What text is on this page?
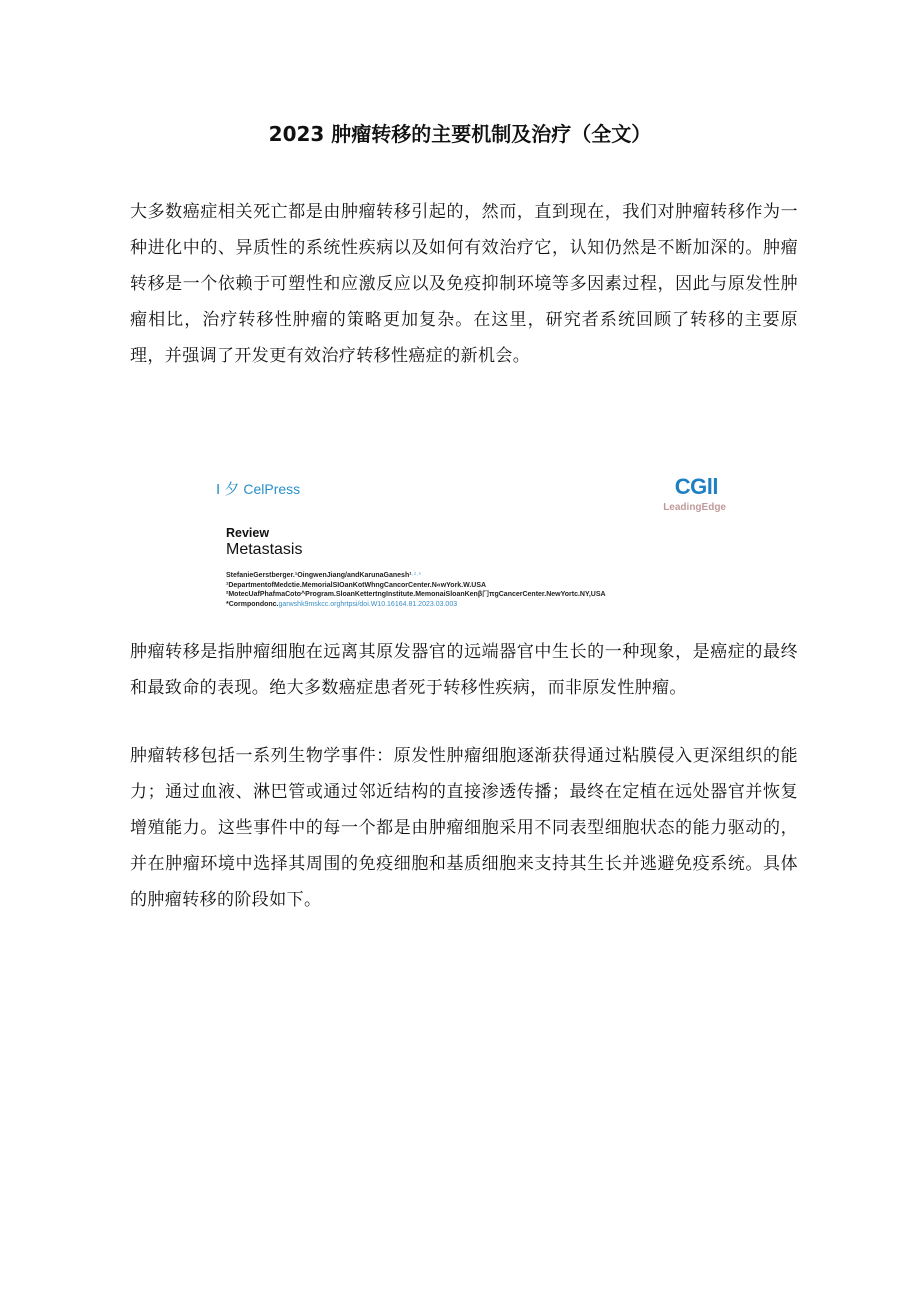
2023 肿瘤转移的主要机制及治疗（全文）

大多数癌症相关死亡都是由肿瘤转移引起的，然而，直到现在，我们对肿瘤转移作为一种进化中的、异质性的系统性疾病以及如何有效治疗它，认知仍然是不断加深的。肿瘤转移是一个依赖于可塑性和应激反应以及免疫抑制环境等多因素过程，因此与原发性肿瘤相比，治疗转移性肿瘤的策略更加复杂。在这里，研究者系统回顾了转移的主要原理，并强调了开发更有效治疗转移性癌症的新机会。

I 夕 CelPress	CGll
LeadingEdge
Review
Metastasis
StefanieGerstberger.¹OingwenJiang/andKarunaGanesh¹·²·*
¹DepartmentofMedctie.MemorialSIOanKotWhngCancorCenter.N«wYork.W.USA
²MotecUafPhafmaCoto^Program.SloanKettertngInstitute.MemonaiSloanKenβ门πgCancerCenter.NewYortc.NY,USA
*Cormpondonc.garwshk9mskcc.orghrtpsi/doi.W10.16164.81.2023.03.003

肿瘤转移是指肿瘤细胞在远离其原发器官的远端器官中生长的一种现象，是癌症的最终和最致命的表现。绝大多数癌症患者死于转移性疾病，而非原发性肿瘤。

肿瘤转移包括一系列生物学事件：原发性肿瘤细胞逐渐获得通过粘膜侵入更深组织的能力；通过血液、淋巴管或通过邻近结构的直接渗透传播；最终在定植在远处器官并恢复增殖能力。这些事件中的每一个都是由肿瘤细胞采用不同表型细胞状态的能力驱动的，并在肿瘤环境中选择其周围的免疫细胞和基质细胞来支持其生长并逃避免疫系统。具体的肿瘤转移的阶段如下。
